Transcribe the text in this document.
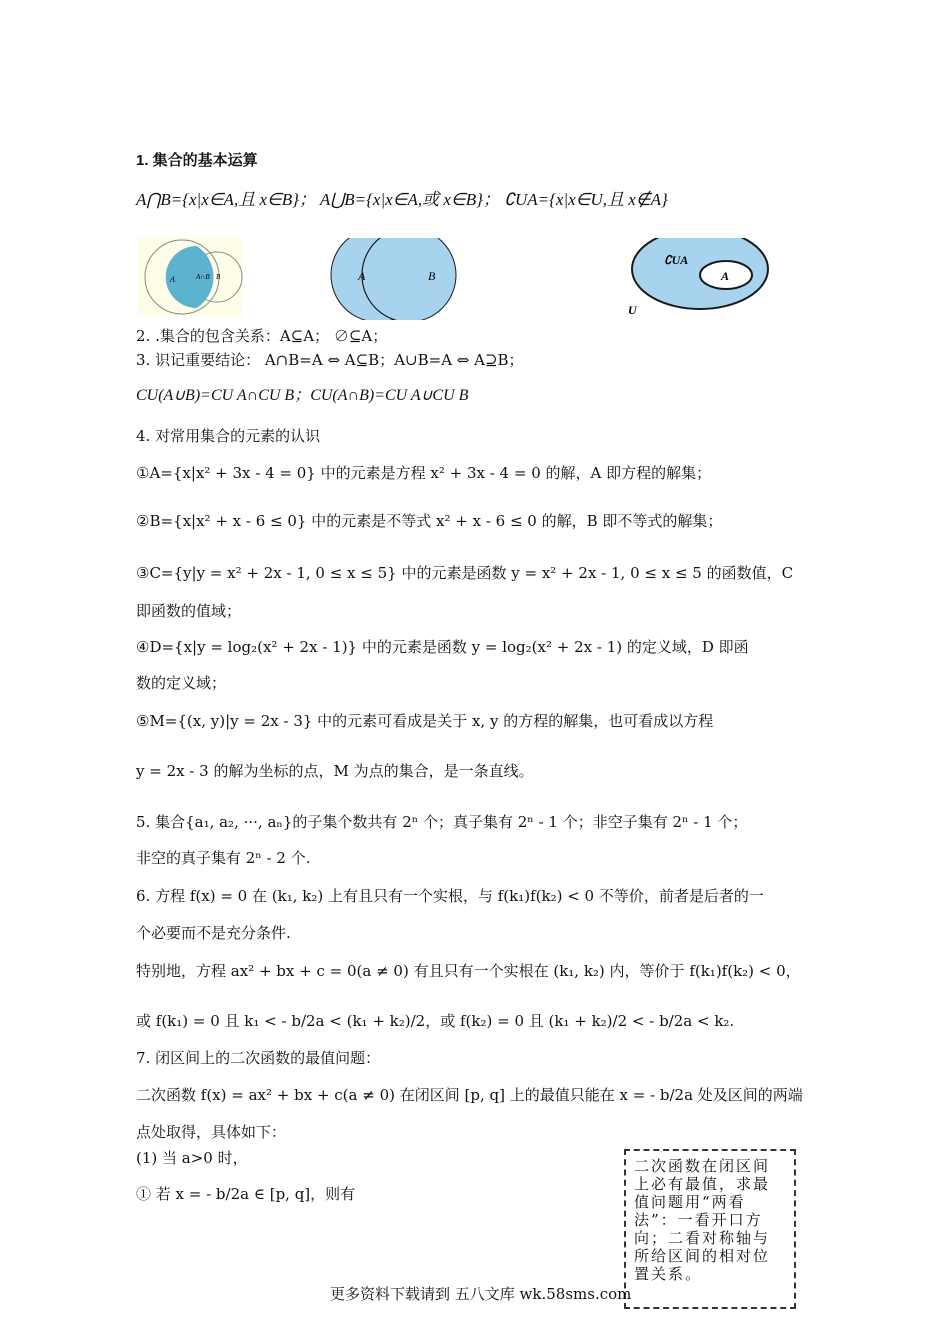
1. 集合的基本运算
A⋂B={x|x∈A,且 x∈B}； A⋃B={x|x∈A,或 x∈B}； ∁UA={x|x∈U,且 x∉A}
A	A∩B B	A	B
∁UA
A
U
2. .集合的包含关系：A⊆A； ∅⊆A；
3. 识记重要结论： A∩B=A ⇔ A⊆B；A∪B=A ⇔ A⊇B；
CU(A∪B)=CU A∩CU B；CU(A∩B)=CU A∪CU B
4. 对常用集合的元素的认识
①A={x|x² + 3x - 4 = 0} 中的元素是方程 x² + 3x - 4 = 0 的解，A 即方程的解集；
②B={x|x² + x - 6 ≤ 0} 中的元素是不等式 x² + x - 6 ≤ 0 的解，B 即不等式的解集；
③C={y|y = x² + 2x - 1, 0 ≤ x ≤ 5} 中的元素是函数 y = x² + 2x - 1, 0 ≤ x ≤ 5 的函数值，C
即函数的值域；
④D={x|y = log₂(x² + 2x - 1)} 中的元素是函数 y = log₂(x² + 2x - 1) 的定义域，D 即函
数的定义域；
⑤M={(x, y)|y = 2x - 3} 中的元素可看成是关于 x, y 的方程的解集，也可看成以方程
y = 2x - 3 的解为坐标的点，M 为点的集合，是一条直线。
5. 集合{a₁, a₂, ···, aₙ}的子集个数共有 2ⁿ 个；真子集有 2ⁿ - 1 个；非空子集有 2ⁿ - 1 个；
非空的真子集有 2ⁿ - 2 个.
6. 方程 f(x) = 0 在 (k₁, k₂) 上有且只有一个实根，与 f(k₁)f(k₂) < 0 不等价，前者是后者的一
个必要而不是充分条件.
特别地，方程 ax² + bx + c = 0(a ≠ 0) 有且只有一个实根在 (k₁, k₂) 内，等价于 f(k₁)f(k₂) < 0，
或 f(k₁) = 0 且 k₁ < - b/2a < (k₁ + k₂)/2，或 f(k₂) = 0 且 (k₁ + k₂)/2 < - b/2a < k₂.
7. 闭区间上的二次函数的最值问题：
二次函数 f(x) = ax² + bx + c(a ≠ 0) 在闭区间 [p, q] 上的最值只能在 x = - b/2a 处及区间的两端
点处取得，具体如下：
(1) 当 a>0 时，
① 若 x = - b/2a ∈ [p, q]，则有
二次函数在闭区间上必有最值，求最值问题用“两看法”：一看开口方向；二看对称轴与所给区间的相对位置关系。
更多资料下载请到 五八文库 wk.58sms.com
